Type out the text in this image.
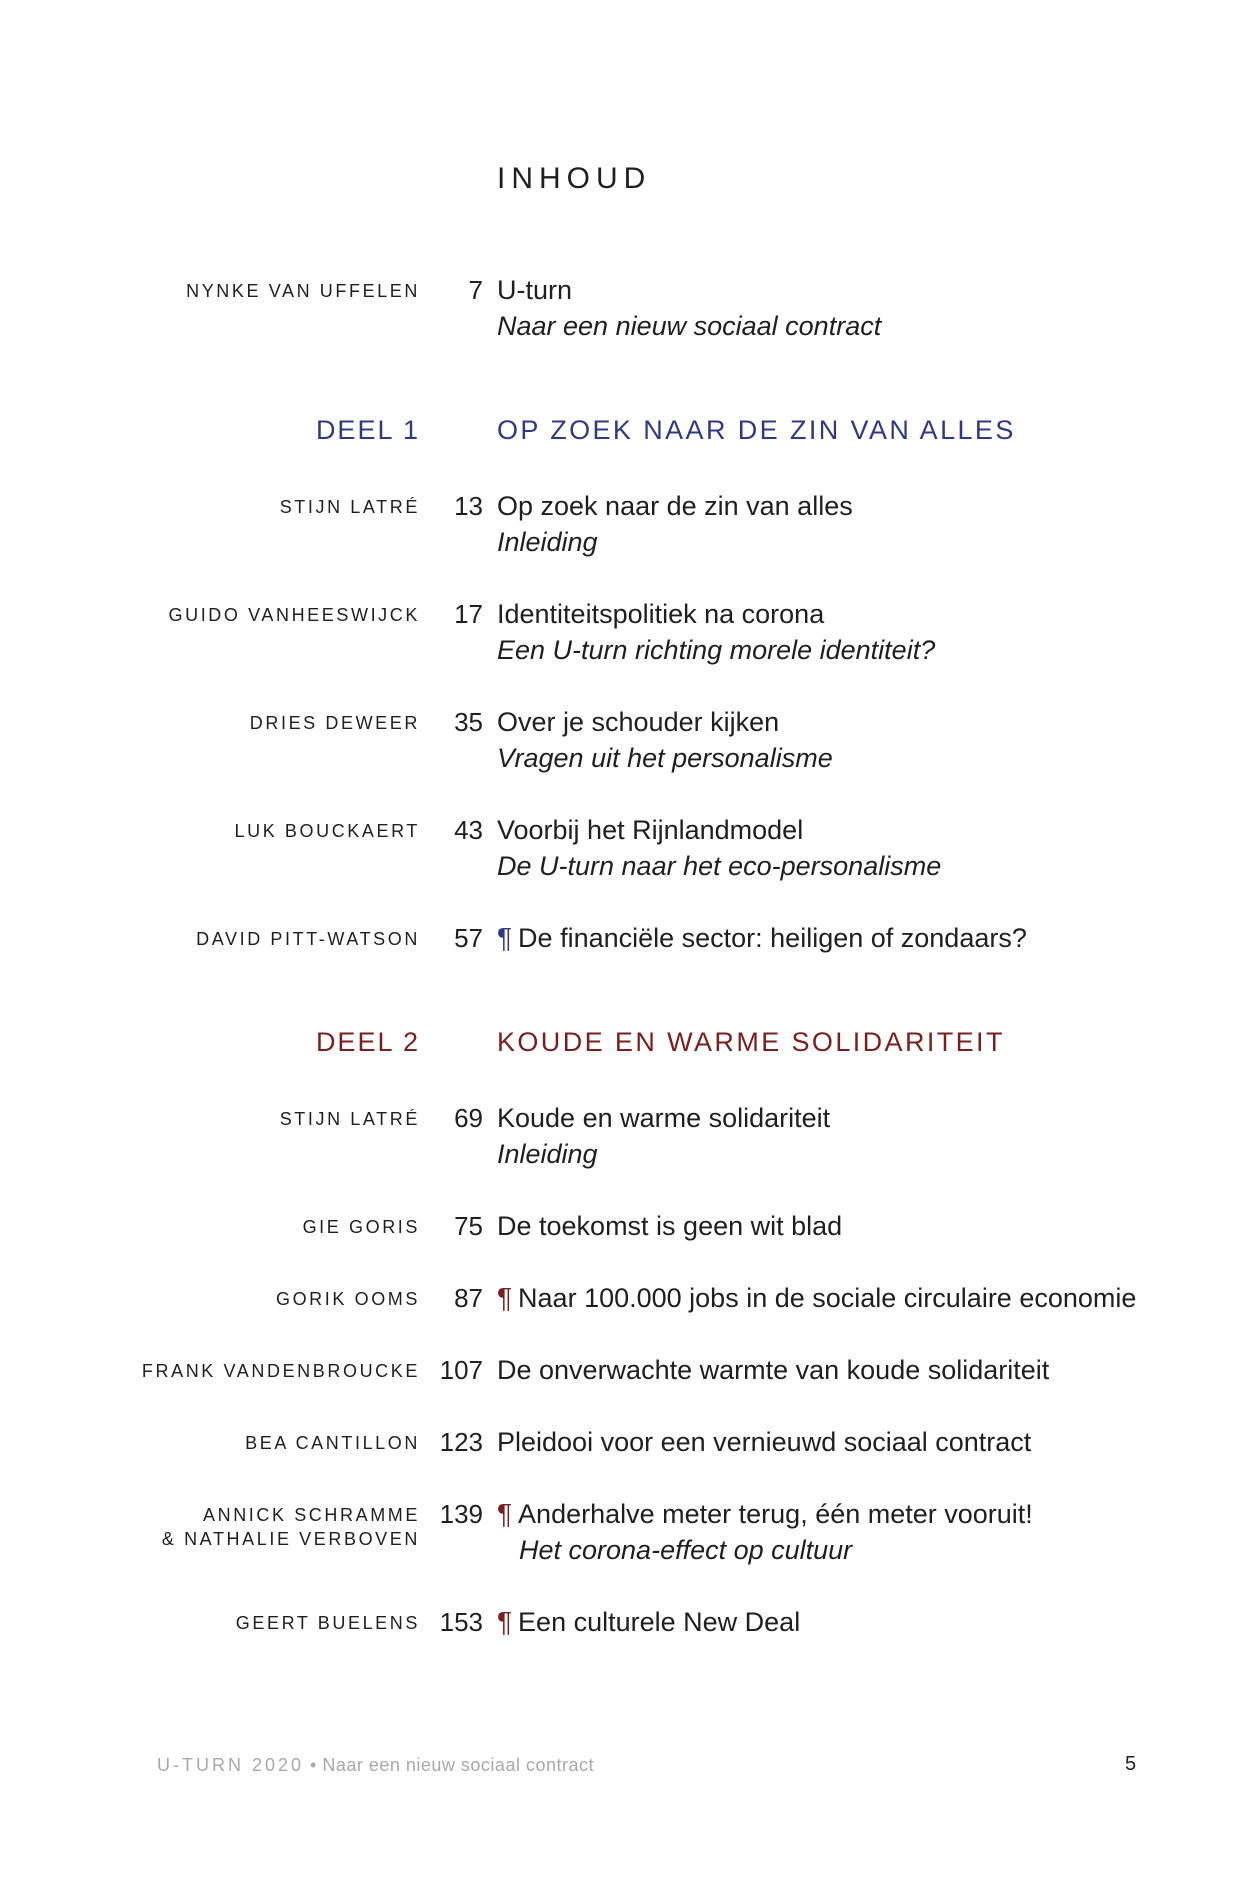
INHOUD
NYNKE VAN UFFELEN	7 U-turn
Naar een nieuw sociaal contract
DEEL 1	OP ZOEK NAAR DE ZIN VAN ALLES
STIJN LATRÉ	13 Op zoek naar de zin van alles
Inleiding
GUIDO VANHEESWIJCK	17 Identiteitspolitiek na corona
Een U-turn richting morele identiteit?
DRIES DEWEER	35 Over je schouder kijken
Vragen uit het personalisme
LUK BOUCKAERT	43 Voorbij het Rijnlandmodel
De U-turn naar het eco-personalisme
DAVID PITT-WATSON	57 ¶ De financiële sector: heiligen of zondaars?
DEEL 2	KOUDE EN WARME SOLIDARITEIT
STIJN LATRÉ	69 Koude en warme solidariteit
Inleiding
GIE GORIS	75 De toekomst is geen wit blad
GORIK OOMS	87 ¶ Naar 100.000 jobs in de sociale circulaire economie
FRANK VANDENBROUCKE 107 De onverwachte warmte van koude solidariteit
BEA CANTILLON 123 Pleidooi voor een vernieuwd sociaal contract
ANNICK SCHRAMME
& NATHALIE VERBOVEN
139 ¶ Anderhalve meter terug, één meter vooruit!
Het corona-effect op cultuur
GEERT BUELENS 153 ¶ Een culturele New Deal
U-TURN 2020 • Naar een nieuw sociaal contract	5
